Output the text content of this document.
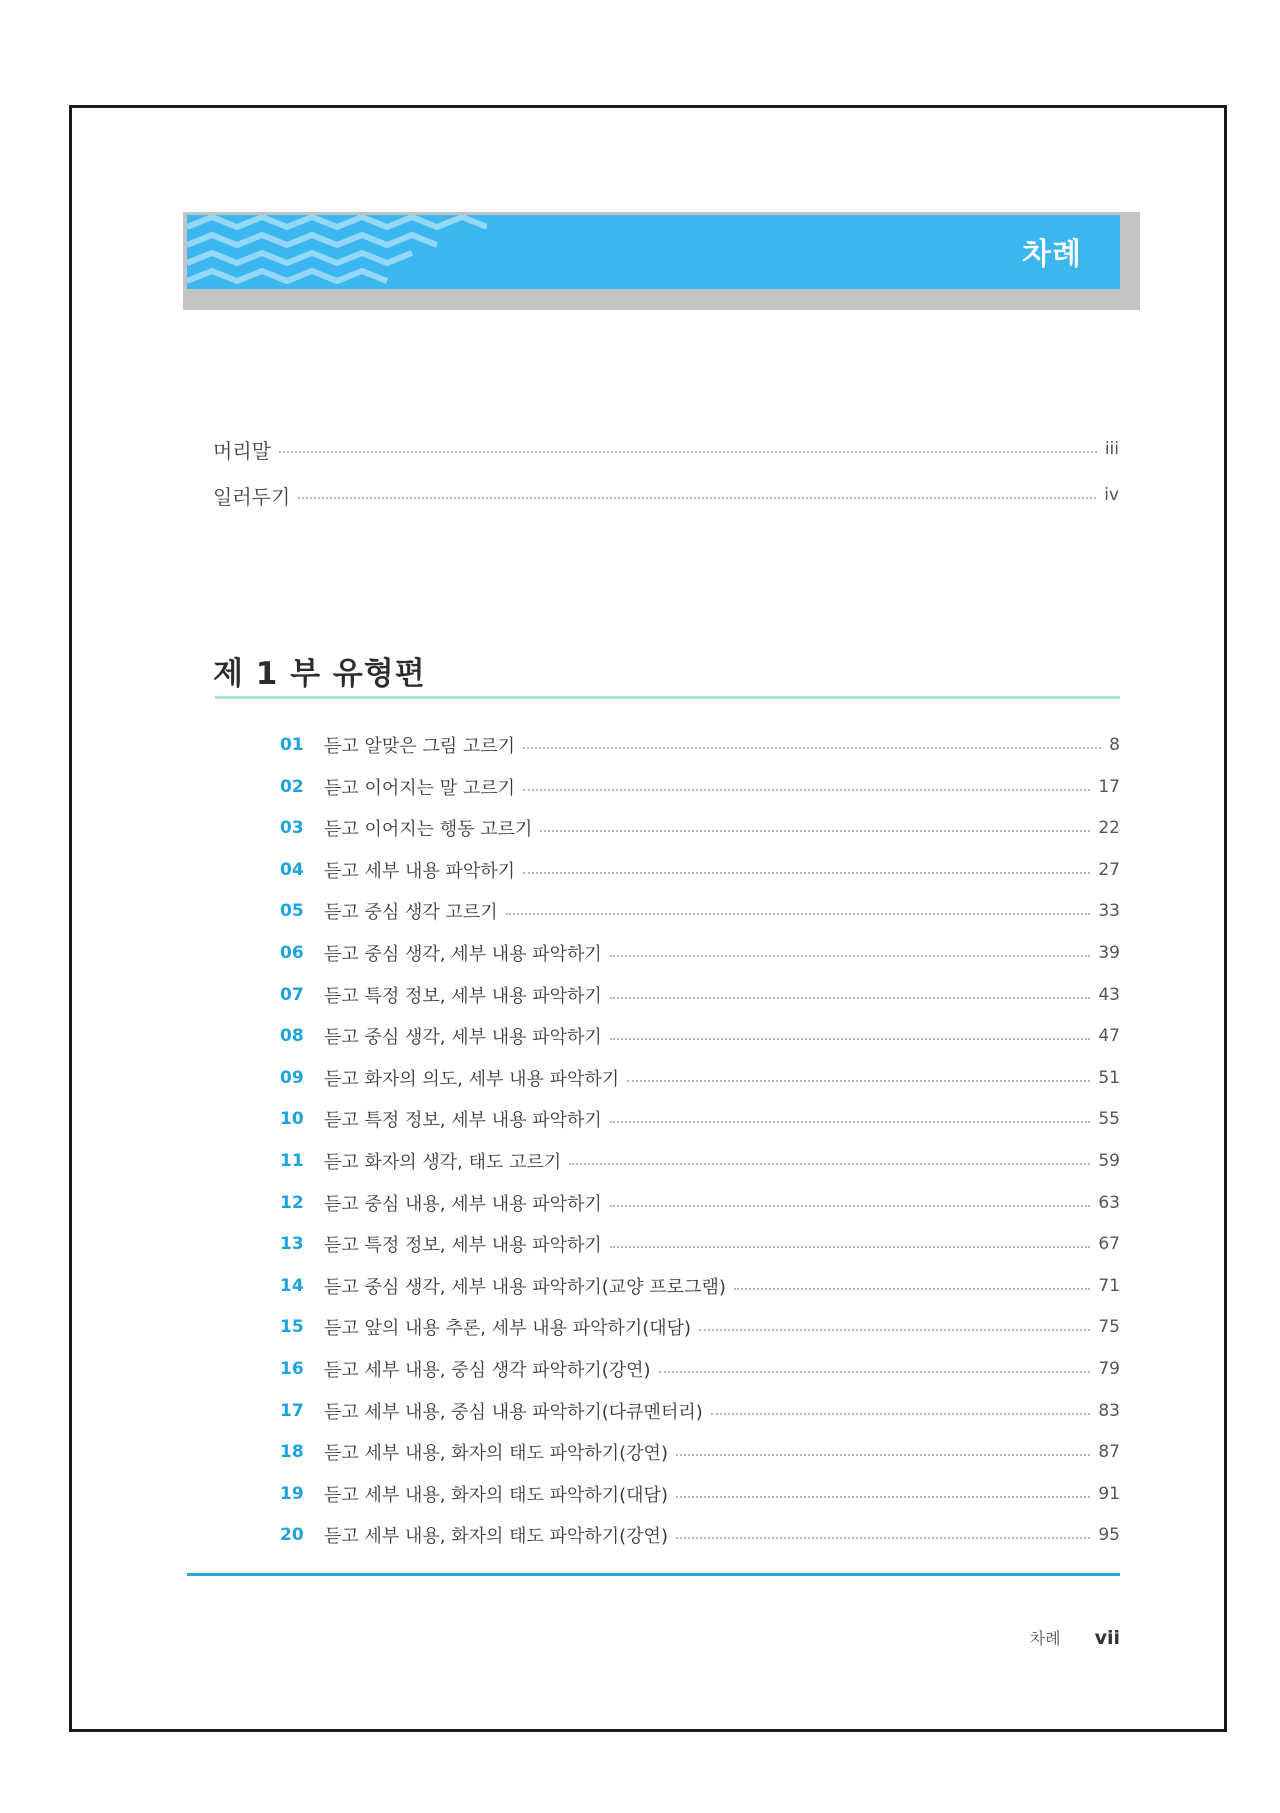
차례
머리말	iii
일러두기	iv
제 1 부 유형편
01	듣고 알맞은 그림 고르기	8
02	듣고 이어지는 말 고르기	17
03	듣고 이어지는 행동 고르기	22
04	듣고 세부 내용 파악하기	27
05	듣고 중심 생각 고르기	33
06	듣고 중심 생각, 세부 내용 파악하기	39
07	듣고 특정 정보, 세부 내용 파악하기	43
08	듣고 중심 생각, 세부 내용 파악하기	47
09	듣고 화자의 의도, 세부 내용 파악하기	51
10	듣고 특정 정보, 세부 내용 파악하기	55
11	듣고 화자의 생각, 태도 고르기	59
12	듣고 중심 내용, 세부 내용 파악하기	63
13	듣고 특정 정보, 세부 내용 파악하기	67
14	듣고 중심 생각, 세부 내용 파악하기(교양 프로그램)	71
15	듣고 앞의 내용 추론, 세부 내용 파악하기(대담)	75
16	듣고 세부 내용, 중심 생각 파악하기(강연)	79
17	듣고 세부 내용, 중심 내용 파악하기(다큐멘터리)	83
18	듣고 세부 내용, 화자의 태도 파악하기(강연)	87
19	듣고 세부 내용, 화자의 태도 파악하기(대담)	91
20	듣고 세부 내용, 화자의 태도 파악하기(강연)	95
차례 vii
